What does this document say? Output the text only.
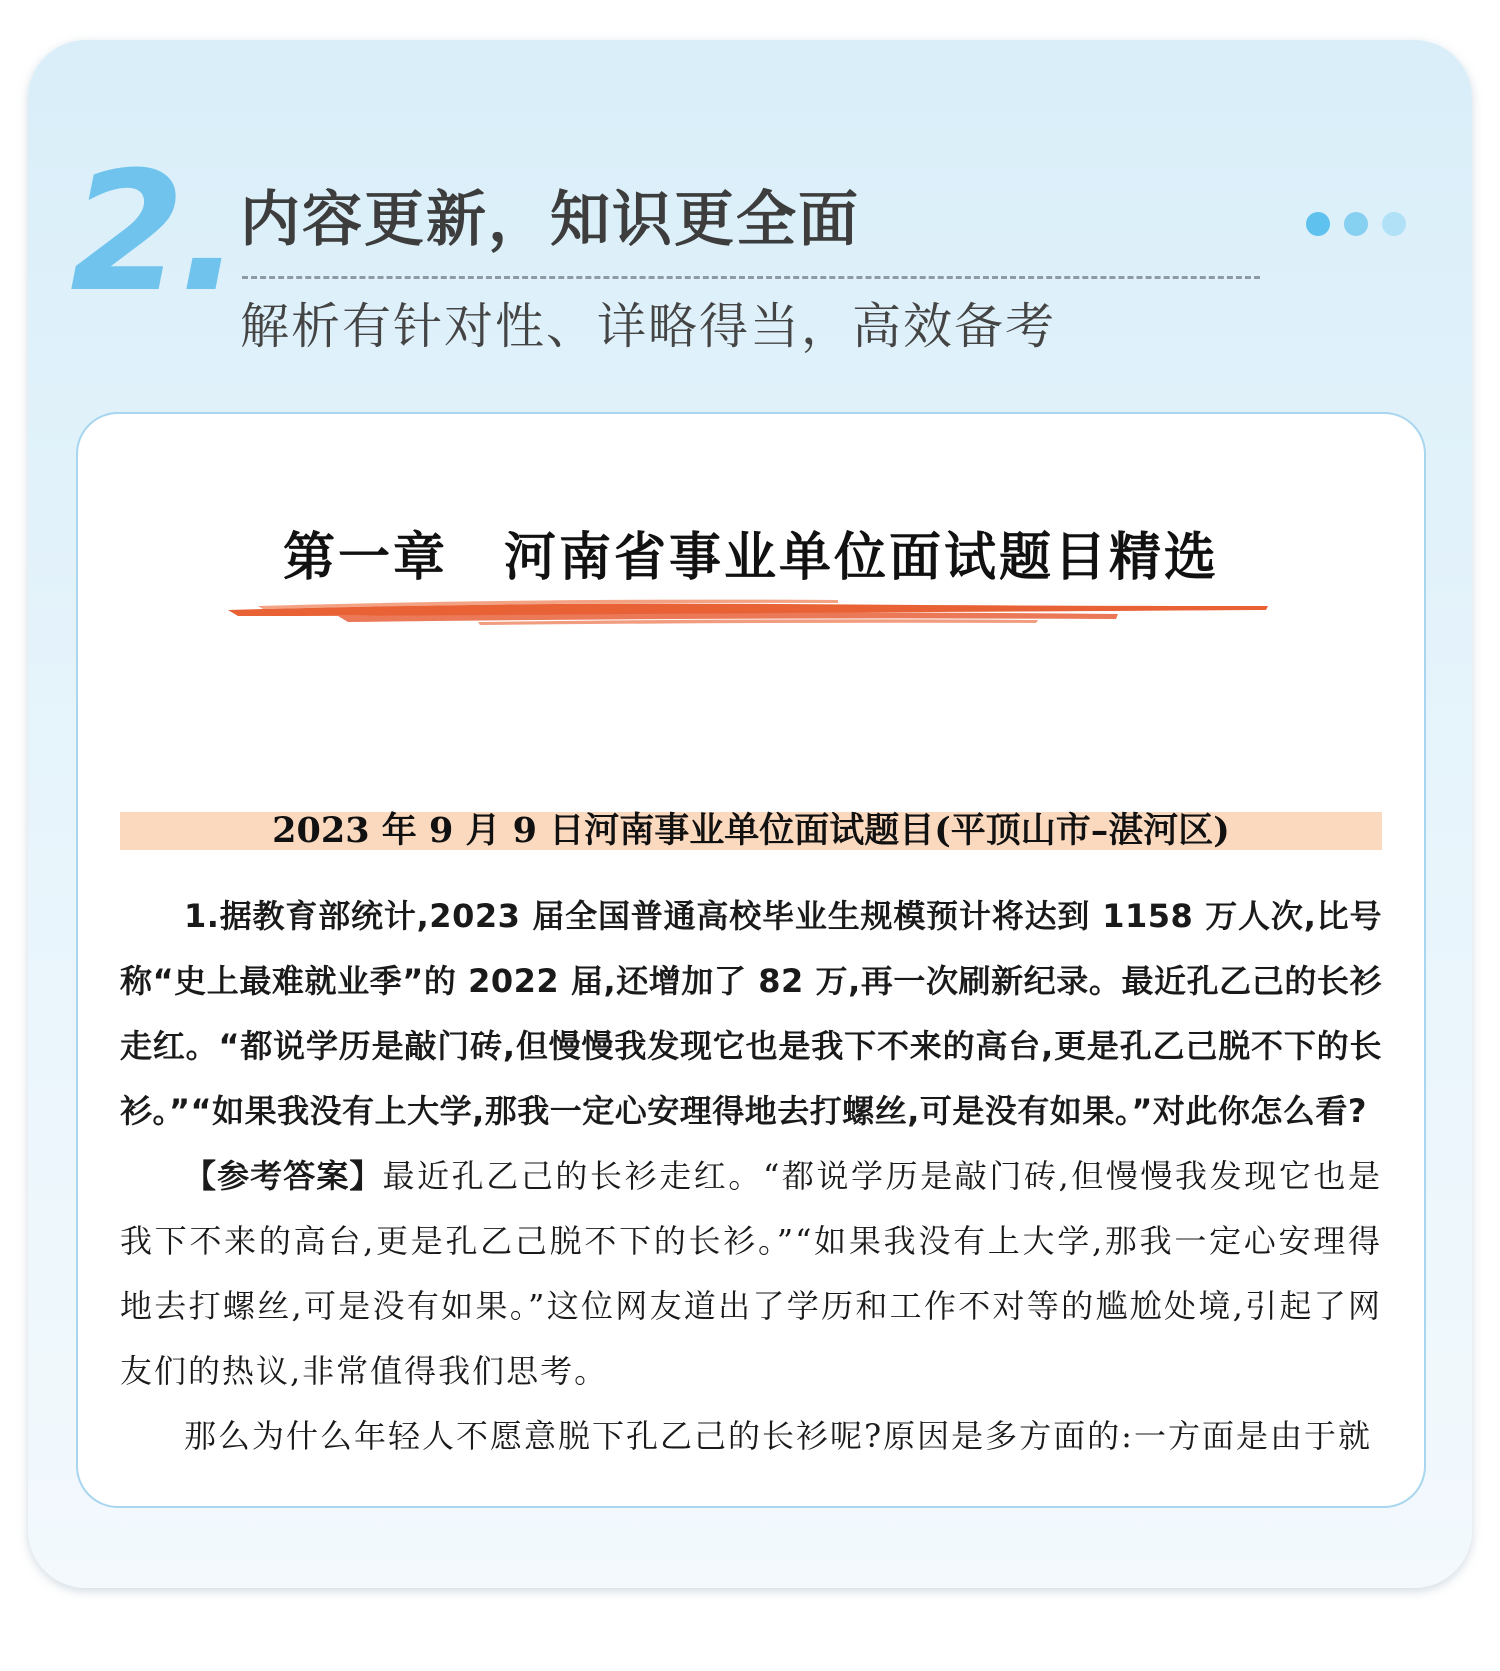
2. 内容更新，知识更全面
解析有针对性、详略得当，高效备考
第一章 河南省事业单位面试题目精选
2023 年 9 月 9 日河南事业单位面试题目(平顶山市–湛河区)

1.据教育部统计,2023 届全国普通高校毕业生规模预计将达到 1158 万人次,比号称“史上最难就业季”的 2022 届,还增加了 82 万,再一次刷新纪录。最近孔乙己的长衫走红。“都说学历是敲门砖,但慢慢我发现它也是我下不来的高台,更是孔乙己脱不下的长衫。”“如果我没有上大学,那我一定心安理得地去打螺丝,可是没有如果。”对此你怎么看?

【参考答案】最近孔乙己的长衫走红。“都说学历是敲门砖,但慢慢我发现它也是我下不来的高台,更是孔乙己脱不下的长衫。”“如果我没有上大学,那我一定心安理得地去打螺丝,可是没有如果。”这位网友道出了学历和工作不对等的尴尬处境,引起了网友们的热议,非常值得我们思考。

那么为什么年轻人不愿意脱下孔乙己的长衫呢?原因是多方面的:一方面是由于就
